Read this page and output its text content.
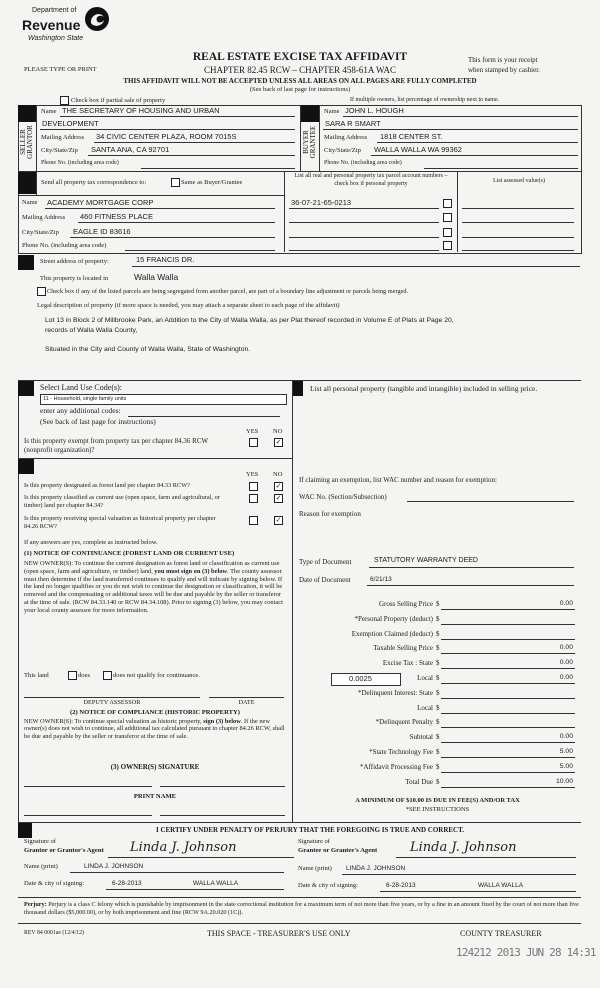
Department of
Revenue
Washington State
REAL ESTATE EXCISE TAX AFFIDAVIT
CHAPTER 82.45 RCW – CHAPTER 458-61A WAC
PLEASE TYPE OR PRINT
This form is your receipt
when stamped by cashier.
THIS AFFIDAVIT WILL NOT BE ACCEPTED UNLESS ALL AREAS ON ALL PAGES ARE FULLY COMPLETED
(See back of last page for instructions)
Check box if partial sale of property	If multiple owners, list percentage of ownership next to name.
SELLER
GRANTOR	BUYER
GRANTEE
Name THE SECRETARY OF HOUSING AND URBAN
DEVELOPMENT
Mailing Address 34 CIVIC CENTER PLAZA, ROOM 7015S
City/State/Zip SANTA ANA, CA 92701
Phone No. (including area code)
Name JOHN L. HOUGH
SARA R SMART
Mailing Address 1818 CENTER ST.
City/State/Zip WALLA WALLA WA 99362
Phone No. (including area code)
Send all property tax correspondence to:	Same as Buyer/Grantee
List all real and personal property tax parcel account numbers – check box if personal property	List assessed value(s)
Name ACADEMY MORTGAGE CORP
Mailing Address 460 FITNESS PLACE
City/State/Zip EAGLE ID 83616
Phone No. (including area code)
36-07-21-65-0213
Street address of property:	15 FRANCIS DR.
This property is located in	Walla Walla
Check box if any of the listed parcels are being segregated from another parcel, are part of a boundary line adjustment or parcels being merged.
Legal description of property (if more space is needed, you may attach a separate sheet to each page of the affidavit)
Lot 13 in Block 2 of Millbrooke Park, an Addition to the City of Walla Walla, as per Plat thereof recorded in Volume E of Plats at Page 20,
records of Walla Walla County,
Situated in the City and County of Walla Walla, State of Washington.
Select Land Use Code(s):
11 - Household, single family units
enter any additional codes:
(See back of last page for instructions)
YES NO
Is this property exempt from property tax per chapter 84.36 RCW (nonprofit organization)?
✓
YES NO
Is this property designated as forest land per chapter 84.33 RCW?	✓
Is this property classified as current use (open space, farm and agricultural, or timber) land per chapter 84.34?
✓
Is this property receiving special valuation as historical property per chapter 84.26 RCW?
✓
If any answers are yes, complete as instructed below.
(1) NOTICE OF CONTINUANCE (FOREST LAND OR CURRENT USE)
NEW OWNER(S): To continue the current designation as forest land or classification as current use (open space, farm and agriculture, or timber) land, you must sign on (3) below. The county assessor must then determine if the land transferred continues to qualify and will indicate by signing below. If the land no longer qualifies or you do not wish to continue the designation or classification, it will be removed and the compensating or additional taxes will be due and payable by the seller or transferor at the time of sale. (RCW 84.33.140 or RCW 84.34.108). Prior to signing (3) below, you may contact your local county assessor for more information.
This land	does	does not qualify for continuance.
DEPUTY ASSESSOR	DATE
(2) NOTICE OF COMPLIANCE (HISTORIC PROPERTY)
NEW OWNER(S): To continue special valuation as historic property, sign (3) below. If the new owner(s) does not wish to continue, all additional tax calculated pursuant to chapter 84.26 RCW, shall be due and payable by the seller or transferor at the time of sale.
(3) OWNER(S) SIGNATURE
PRINT NAME
List all personal property (tangible and intangible) included in selling price.
If claiming an exemption, list WAC number and reason for exemption:
WAC No. (Section/Subsection)
Reason for exemption
Type of Document	STATUTORY WARRANTY DEED
Date of Document	6/21/13
Gross Selling Price $	0.00
*Personal Property (deduct) $
Exemption Claimed (deduct) $
Taxable Selling Price $	0.00
Excise Tax : State $	0.00
Local $	0.00
*Delinquent Interest: State $
Local $
*Delinquent Penalty $
Subtotal $	0.00
*State Technology Fee $	5.00
*Affidavit Processing Fee $	5.00
Total Due $	10.00
0.0025
A MINIMUM OF $10.00 IS DUE IN FEE(S) AND/OR TAX
*SEE INSTRUCTIONS
I CERTIFY UNDER PENALTY OF PERJURY THAT THE FOREGOING IS TRUE AND CORRECT.
Signature of
Grantor or Grantor's Agent Linda J. Johnson
Name (print)	LINDA J. JOHNSON
Date & city of signing:	6-28-2013	WALLA WALLA
Signature of
Grantee or Grantee's Agent	Linda J. Johnson
Name (print) LINDA J. JOHNSON
Date & city of signing:	6-28-2013	WALLA WALLA
Perjury: Perjury is a class C felony which is punishable by imprisonment in the state correctional institution for a maximum term of not more than five years, or by a fine in an amount fixed by the court of not more than five thousand dollars ($5,000.00), or by both imprisonment and fine (RCW 9A.20.020 (1C)).
REV 84 0001ae (12/4/12)	THIS SPACE - TREASURER'S USE ONLY	COUNTY TREASURER
124212 2013 JUN 28 14:31
